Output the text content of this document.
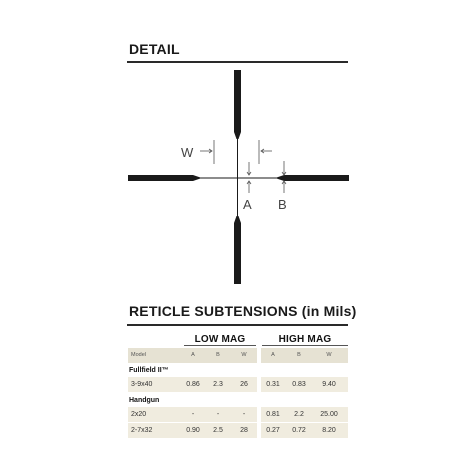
DETAIL
W
A B
RETICLE SUBTENSIONS (in Mils)
LOW MAG	HIGH MAG
Model	A	B	W	A	B	W
Fullfield II™
3-9x40	0.86	2.3	26	0.31	0.83	9.40
Handgun
2x20	-	-	-	0.81	2.2	25.00
2-7x32	0.90	2.5	28	0.27	0.72	8.20
